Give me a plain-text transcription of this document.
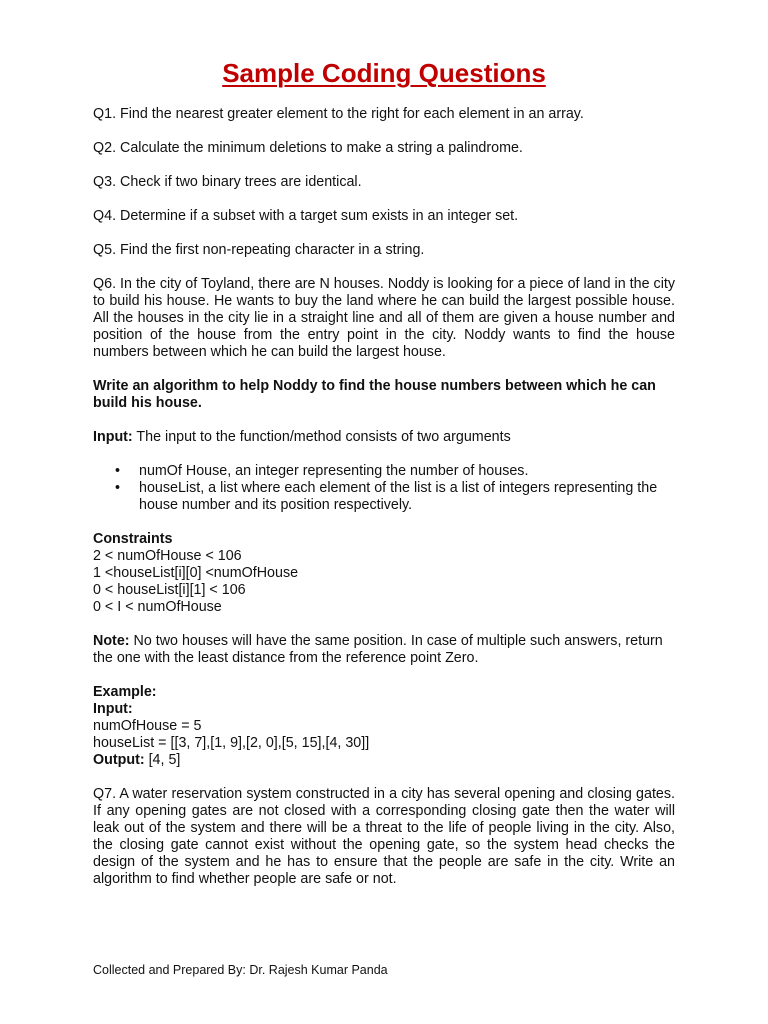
Sample Coding Questions

Q1. Find the nearest greater element to the right for each element in an array.

Q2. Calculate the minimum deletions to make a string a palindrome.

Q3. Check if two binary trees are identical.

Q4. Determine if a subset with a target sum exists in an integer set.

Q5. Find the first non-repeating character in a string.

Q6. In the city of Toyland, there are N houses. Noddy is looking for a piece of land in the city to build his house. He wants to buy the land where he can build the largest possible house. All the houses in the city lie in a straight line and all of them are given a house number and position of the house from the entry point in the city. Noddy wants to find the house numbers between which he can build the largest house.

Write an algorithm to help Noddy to find the house numbers between which he can build his house.

Input: The input to the function/method consists of two arguments

• numOf House, an integer representing the number of houses.
• houseList, a list where each element of the list is a list of integers representing the house number and its position respectively.
Constraints
2 < numOfHouse < 106
1 <houseList[i][0] <numOfHouse
0 < houseList[i][1] < 106
0 < I < numOfHouse

Note: No two houses will have the same position. In case of multiple such answers, return the one with the least distance from the reference point Zero.

Example:
Input:
numOfHouse = 5
houseList = [[3, 7],[1, 9],[2, 0],[5, 15],[4, 30]]
Output: [4, 5]

Q7. A water reservation system constructed in a city has several opening and closing gates. If any opening gates are not closed with a corresponding closing gate then the water will leak out of the system and there will be a threat to the life of people living in the city. Also, the closing gate cannot exist without the opening gate, so the system head checks the design of the system and he has to ensure that the people are safe in the city. Write an algorithm to find whether people are safe or not.

Collected and Prepared By: Dr. Rajesh Kumar Panda
